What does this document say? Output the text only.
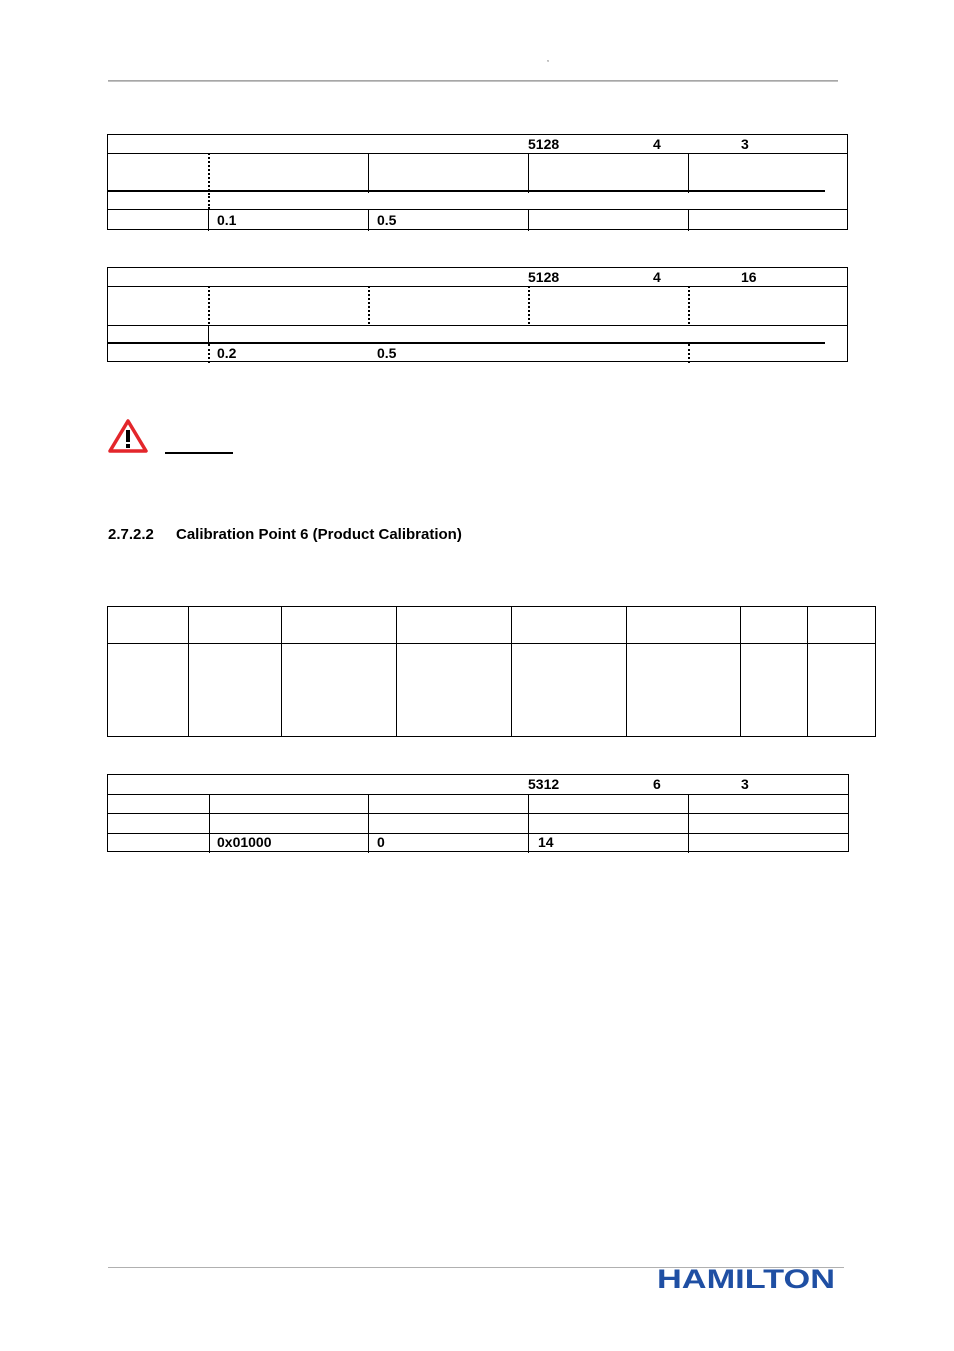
,
5128	4	3
0.1	0.5
5128	4	16
0.2	0.5
2.7.2.2 Calibration Point 6 (Product Calibration)
5312	6	3
0x01000	0	14
HAMILTON
